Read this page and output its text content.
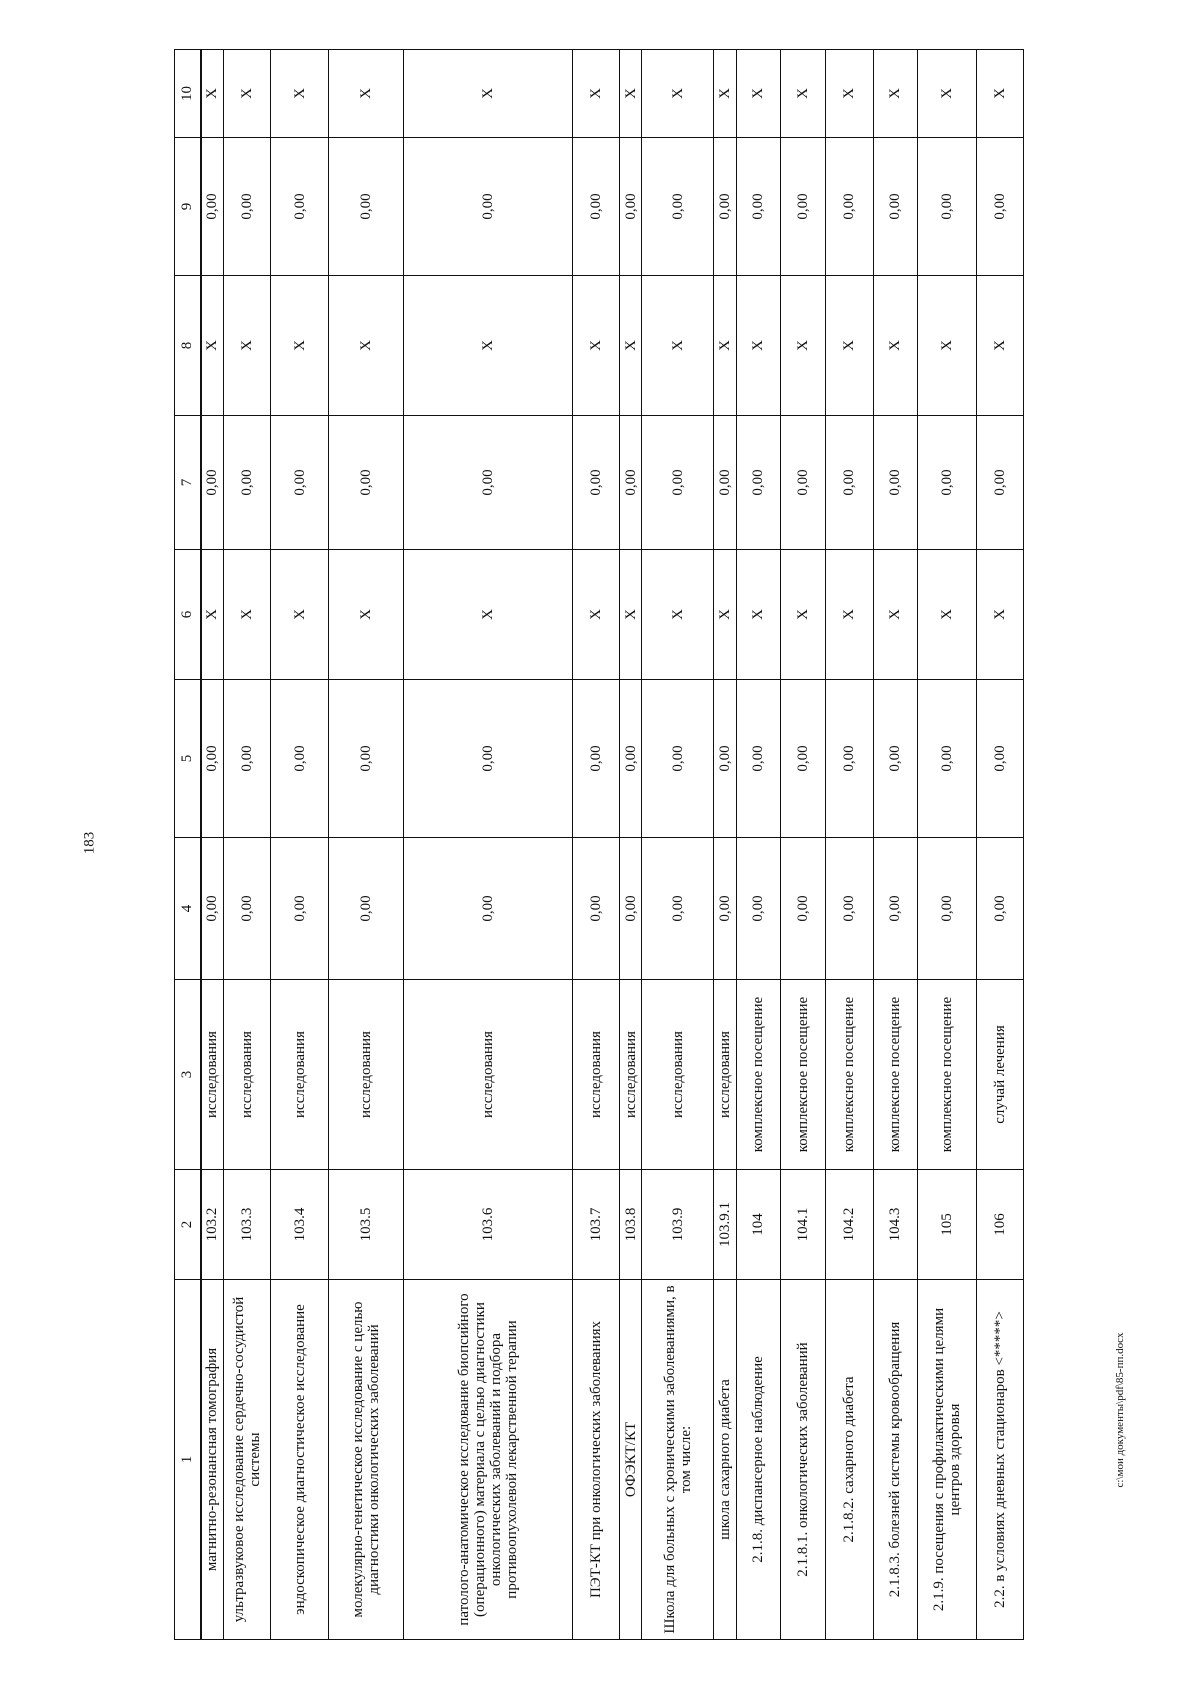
183
1	2	3	4	5	6	7	8	9	10
магнитно-резонансная томография	103.2	исследования	0,00	0,00	Х	0,00	Х	0,00	Х
ультразвуковое исследование сердечно-сосудистой системы	103.3	исследования	0,00	0,00	Х	0,00	Х	0,00	Х
эндоскопическое диагностическое исследование	103.4	исследования	0,00	0,00	Х	0,00	Х	0,00	Х
молекулярно-генетическое исследование с целью диагностики онкологических заболеваний	103.5	исследования	0,00	0,00	Х	0,00	Х	0,00	Х
патолого-анатомическое исследование биопсийного (операционного) материала с целью диагностики онкологических заболеваний и подбора противоопухолевой лекарственной терапии	103.6	исследования	0,00	0,00	Х	0,00	Х	0,00	Х
ПЭТ-КТ при онкологических заболеваниях	103.7	исследования	0,00	0,00	Х	0,00	Х	0,00	Х
ОФЭКТ/КТ	103.8	исследования	0,00	0,00	Х	0,00	Х	0,00	Х
Школа для больных с хроническими заболеваниями, в том числе:	103.9	исследования	0,00	0,00	Х	0,00	Х	0,00	Х
школа сахарного диабета	103.9.1	исследования	0,00	0,00	Х	0,00	Х	0,00	Х
2.1.8. диспансерное наблюдение	104	комплексное посещение	0,00	0,00	Х	0,00	Х	0,00	Х
2.1.8.1. онкологических заболеваний	104.1	комплексное посещение	0,00	0,00	Х	0,00	Х	0,00	Х
2.1.8.2. сахарного диабета	104.2	комплексное посещение	0,00	0,00	Х	0,00	Х	0,00	Х
2.1.8.3. болезней системы кровообращения	104.3	комплексное посещение	0,00	0,00	Х	0,00	Х	0,00	Х
2.1.9. посещения с профилактическими целями центров здоровья	105	комплексное посещение	0,00	0,00	Х	0,00	Х	0,00	Х
2.2. в условиях дневных стационаров <*****>	106	случай лечения	0,00	0,00	Х	0,00	Х	0,00	Х
c:\мои документы\pdf\85-пп.docx
